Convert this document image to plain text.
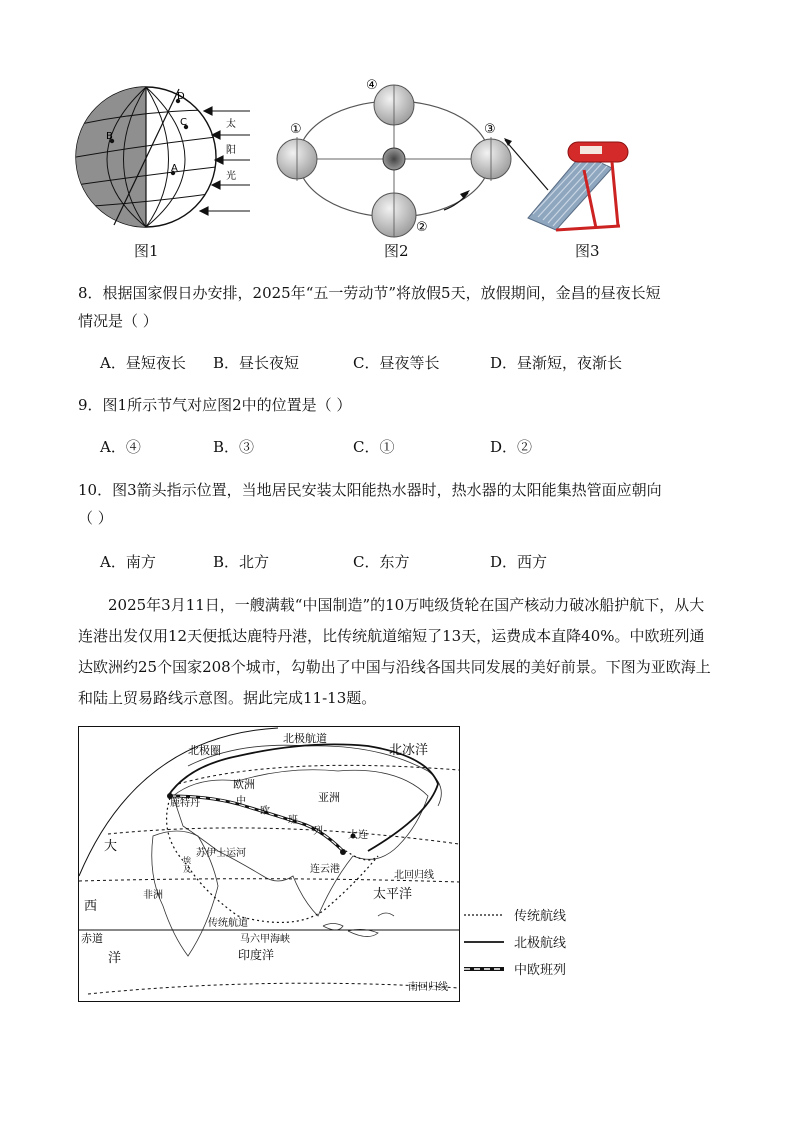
D
C
B
A
太
阳
光
图1
④
①	③
②
图2	图3
8．根据国家假日办安排，2025年“五一劳动节”将放假5天，放假期间，金昌的昼夜长短
情况是（ ）
A．昼短夜长 B．昼长夜短	C．昼夜等长	D．昼渐短，夜渐长
9．图1所示节气对应图2中的位置是（ ）
A．④	B．③	C．①	D．②
10．图3箭头指示位置，当地居民安装太阳能热水器时，热水器的太阳能集热管面应朝向
（ ）
A．南方	B．北方	C．东方	D．西方
2025年3月11日，一艘满载“中国制造”的10万吨级货轮在国产核动力破冰船护航下，从大连港出发仅用12天便抵达鹿特丹港，比传统航道缩短了13天，运费成本直降40%。中欧班列通达欧洲约25个国家208个城市，勾勒出了中国与沿线各国共同发展的美好前景。下图为亚欧海上和陆上贸易路线示意图。据此完成11-13题。
北极圈
北极航道
北冰洋
欧洲
亚洲
鹿特丹
大连
连云港
苏伊士运河
埃
及
非洲
传统航道
马六甲海峡
印度洋
太平洋
北回归线
南回归线
赤道
大
西
洋
中
欧
班
列
传统航线
北极航线
中欧班列
